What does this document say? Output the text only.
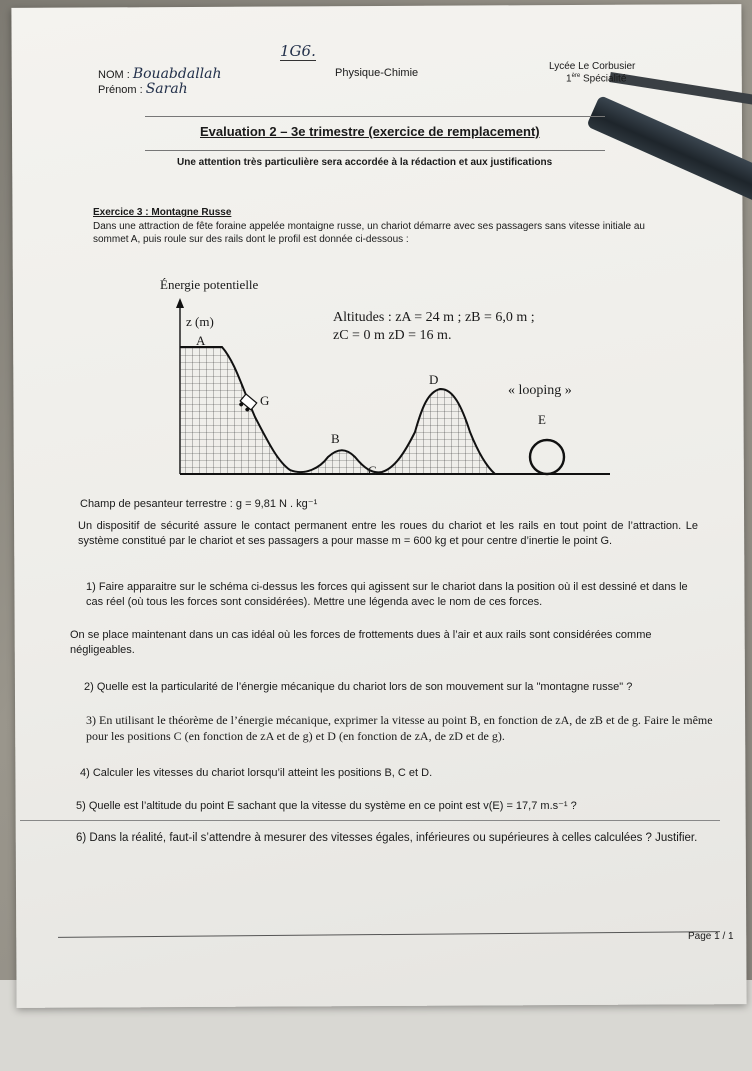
1G6.
NOM : Bouabdallah
Prénom : Sarah
Physique-Chimie
Lycée Le Corbusier
1ère Spécialité
Evaluation 2 – 3e trimestre (exercice de remplacement)
Une attention très particulière sera accordée à la rédaction et aux justifications
Exercice 3 : Montagne Russe
Dans une attraction de fête foraine appelée montaigne russe, un chariot démarre avec ses passagers sans vitesse initiale au sommet A, puis roule sur des rails dont le profil est donnée ci-dessous :
Énergie potentielle
z (m)
A
G
B
C
D
E
« looping »
Altitudes : zA = 24 m ; zB = 6,0 m ;
zC = 0 m zD = 16 m.
Champ de pesanteur terrestre : g = 9,81 N . kg⁻¹
Un dispositif de sécurité assure le contact permanent entre les roues du chariot et les rails en tout point de l’attraction. Le système constitué par le chariot et ses passagers a pour masse m = 600 kg et pour centre d’inertie le point G.
1) Faire apparaitre sur le schéma ci-dessus les forces qui agissent sur le chariot dans la position où il est dessiné et dans le cas réel (où tous les forces sont considérées). Mettre une légenda avec le nom de ces forces.
On se place maintenant dans un cas idéal où les forces de frottements dues à l’air et aux rails sont considérées comme négligeables.
2) Quelle est la particularité de l’énergie mécanique du chariot lors de son mouvement sur la "montagne russe" ?
3) En utilisant le théorème de l’énergie mécanique, exprimer la vitesse au point B, en fonction de zA, de zB et de g. Faire le même pour les positions C (en fonction de zA et de g) et D (en fonction de zA, de zD et de g).
4) Calculer les vitesses du chariot lorsqu’il atteint les positions B, C et D.
5) Quelle est l’altitude du point E sachant que la vitesse du système en ce point est v(E) = 17,7 m.s⁻¹ ?
6) Dans la réalité, faut-il s’attendre à mesurer des vitesses égales, inférieures ou supérieures à celles calculées ? Justifier.
Page 1 / 1
